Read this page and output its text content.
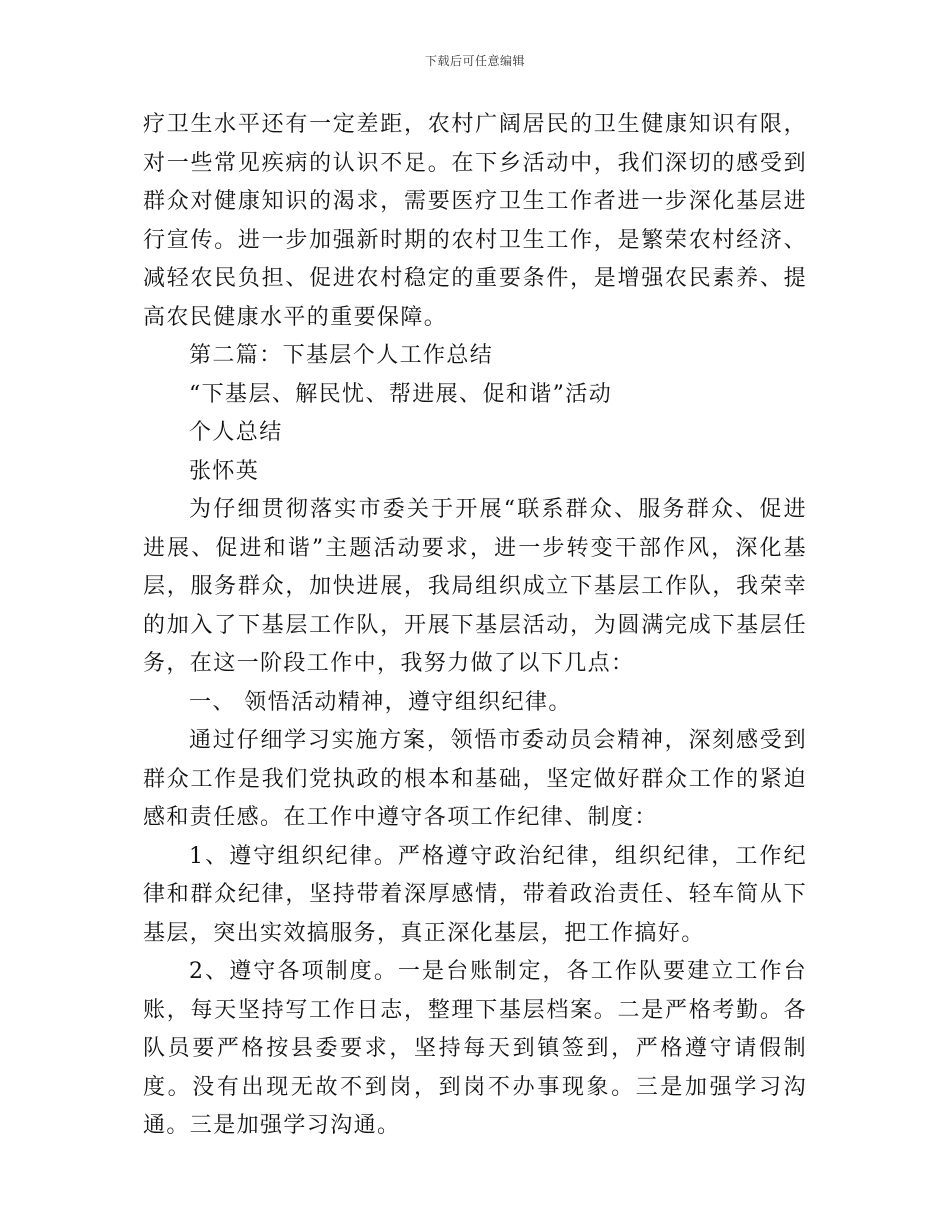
下载后可任意编辑

疗卫生水平还有一定差距，农村广阔居民的卫生健康知识有限，对一些常见疾病的认识不足。在下乡活动中，我们深切的感受到群众对健康知识的渴求，需要医疗卫生工作者进一步深化基层进行宣传。进一步加强新时期的农村卫生工作，是繁荣农村经济、减轻农民负担、促进农村稳定的重要条件，是增强农民素养、提高农民健康水平的重要保障。

第二篇：下基层个人工作总结

“下基层、解民忧、帮进展、促和谐”活动

个人总结

张怀英

为仔细贯彻落实市委关于开展“联系群众、服务群众、促进进展、促进和谐”主题活动要求，进一步转变干部作风，深化基层，服务群众，加快进展，我局组织成立下基层工作队，我荣幸的加入了下基层工作队，开展下基层活动，为圆满完成下基层任务，在这一阶段工作中，我努力做了以下几点：

一、 领悟活动精神，遵守组织纪律。

通过仔细学习实施方案，领悟市委动员会精神，深刻感受到群众工作是我们党执政的根本和基础，坚定做好群众工作的紧迫感和责任感。在工作中遵守各项工作纪律、制度：

1、遵守组织纪律。严格遵守政治纪律，组织纪律，工作纪律和群众纪律，坚持带着深厚感情，带着政治责任、轻车简从下基层，突出实效搞服务，真正深化基层，把工作搞好。

2、遵守各项制度。一是台账制定，各工作队要建立工作台账，每天坚持写工作日志，整理下基层档案。二是严格考勤。各队员要严格按县委要求，坚持每天到镇签到，严格遵守请假制度。没有出现无故不到岗，到岗不办事现象。三是加强学习沟通。三是加强学习沟通。
